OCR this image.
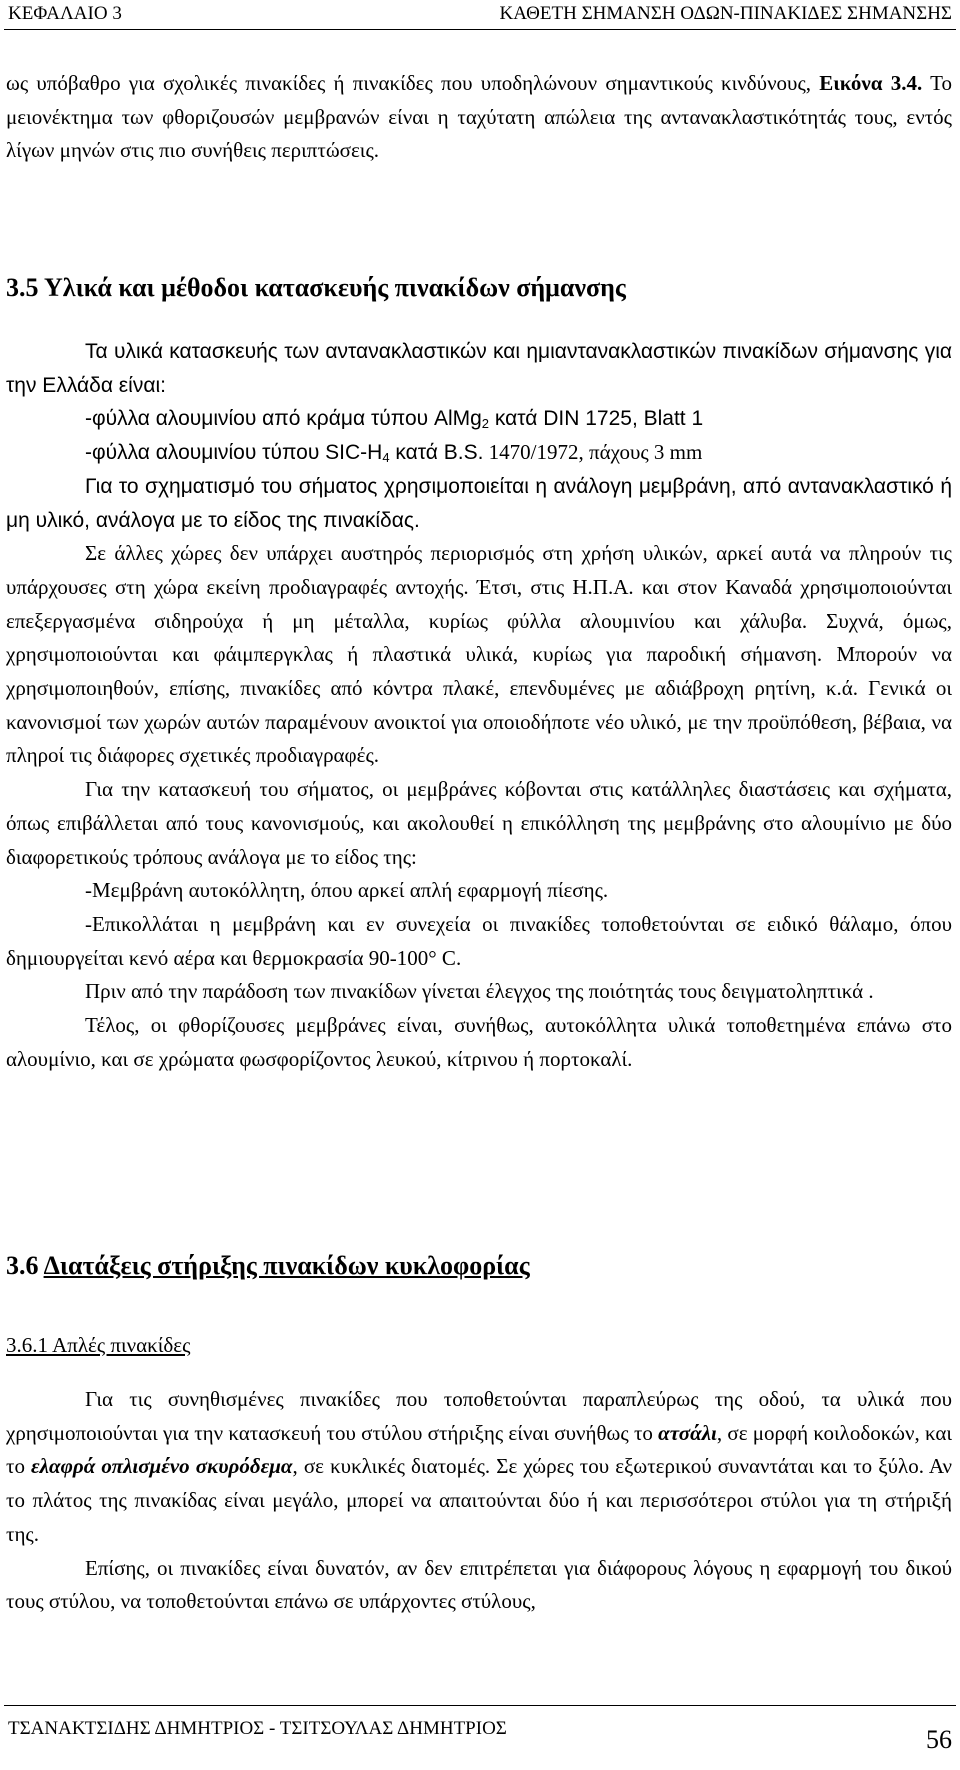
ΚΕΦΑΛΑΙΟ 3	ΚΑΘΕΤΗ ΣΗΜΑΝΣΗ ΟΔΩΝ-ΠΙΝΑΚΙΔΕΣ ΣΗΜΑΝΣΗΣ

ως υπόβαθρο για σχολικές πινακίδες ή πινακίδες που υποδηλώνουν σημαντικούς κινδύνους, Εικόνα 3.4. Το μειονέκτημα των φθοριζουσών μεμβρανών είναι η ταχύτατη απώλεια της αντανακλαστικότητάς τους, εντός λίγων μηνών στις πιο συνήθεις περιπτώσεις.

3.5 Υλικά και μέθοδοι κατασκευής πινακίδων σήμανσης

Τα υλικά κατασκευής των αντανακλαστικών και ημιαντανακλαστικών πινακίδων σήμανσης για την Ελλάδα είναι:

-φύλλα αλουμινίου από κράμα τύπου AlMg$_2$ κατά DIN 1725, Blatt 1

-φύλλα αλουμινίου τύπου SIC-$H_4$ κατά B.S. 1470/1972, πάχους 3 mm

Για το σχηματισμό του σήματος χρησιμοποιείται η ανάλογη μεμβράνη, από αντανακλαστικό ή μη υλικό, ανάλογα με το είδος της πινακίδας.

Σε άλλες χώρες δεν υπάρχει αυστηρός περιορισμός στη χρήση υλικών, αρκεί αυτά να πληρούν τις υπάρχουσες στη χώρα εκείνη προδιαγραφές αντοχής. Έτσι, στις Η.Π.Α. και στον Καναδά χρησιμοποιούνται επεξεργασμένα σιδηρούχα ή μη μέταλλα, κυρίως φύλλα αλουμινίου και χάλυβα. Συχνά, όμως, χρησιμοποιούνται και φάιμπεργκλας ή πλαστικά υλικά, κυρίως για παροδική σήμανση. Μπορούν να χρησιμοποιηθούν, επίσης, πινακίδες από κόντρα πλακέ, επενδυμένες με αδιάβροχη ρητίνη, κ.ά. Γενικά οι κανονισμοί των χωρών αυτών παραμένουν ανοικτοί για οποιοδήποτε νέο υλικό, με την προϋπόθεση, βέβαια, να πληροί τις διάφορες σχετικές προδιαγραφές.

Για την κατασκευή του σήματος, οι μεμβράνες κόβονται στις κατάλληλες διαστάσεις και σχήματα, όπως επιβάλλεται από τους κανονισμούς, και ακολουθεί η επικόλληση της μεμβράνης στο αλουμίνιο με δύο διαφορετικούς τρόπους ανάλογα με το είδος της:

-Μεμβράνη αυτοκόλλητη, όπου αρκεί απλή εφαρμογή πίεσης.

-Επικολλάται η μεμβράνη και εν συνεχεία οι πινακίδες τοποθετούνται σε ειδικό θάλαμο, όπου δημιουργείται κενό αέρα και θερμοκρασία 90-100° C.

Πριν από την παράδοση των πινακίδων γίνεται έλεγχος της ποιότητάς τους δειγματοληπτικά .

Τέλος, οι φθορίζουσες μεμβράνες είναι, συνήθως, αυτοκόλλητα υλικά τοποθετημένα επάνω στο αλουμίνιο, και σε χρώματα φωσφορίζοντος λευκού, κίτρινου ή πορτοκαλί.

3.6 Διατάξεις στήριξης πινακίδων κυκλοφορίας
3.6.1 Απλές πινακίδες

Για τις συνηθισμένες πινακίδες που τοποθετούνται παραπλεύρως της οδού, τα υλικά που χρησιμοποιούνται για την κατασκευή του στύλου στήριξης είναι συνήθως το ατσάλι, σε μορφή κοιλοδοκών, και το ελαφρά οπλισμένο σκυρόδεμα, σε κυκλικές διατομές. Σε χώρες του εξωτερικού συναντάται και το ξύλο. Αν το πλάτος της πινακίδας είναι μεγάλο, μπορεί να απαιτούνται δύο ή και περισσότεροι στύλοι για τη στήριξή της.

Επίσης, οι πινακίδες είναι δυνατόν, αν δεν επιτρέπεται για διάφορους λόγους η εφαρμογή του δικού τους στύλου, να τοποθετούνται επάνω σε υπάρχοντες στύλους,

ΤΣΑΝΑΚΤΣΙΔΗΣ ΔΗΜΗΤΡΙΟΣ - ΤΣΙΤΣΟΥΛΑΣ ΔΗΜΗΤΡΙΟΣ	56
